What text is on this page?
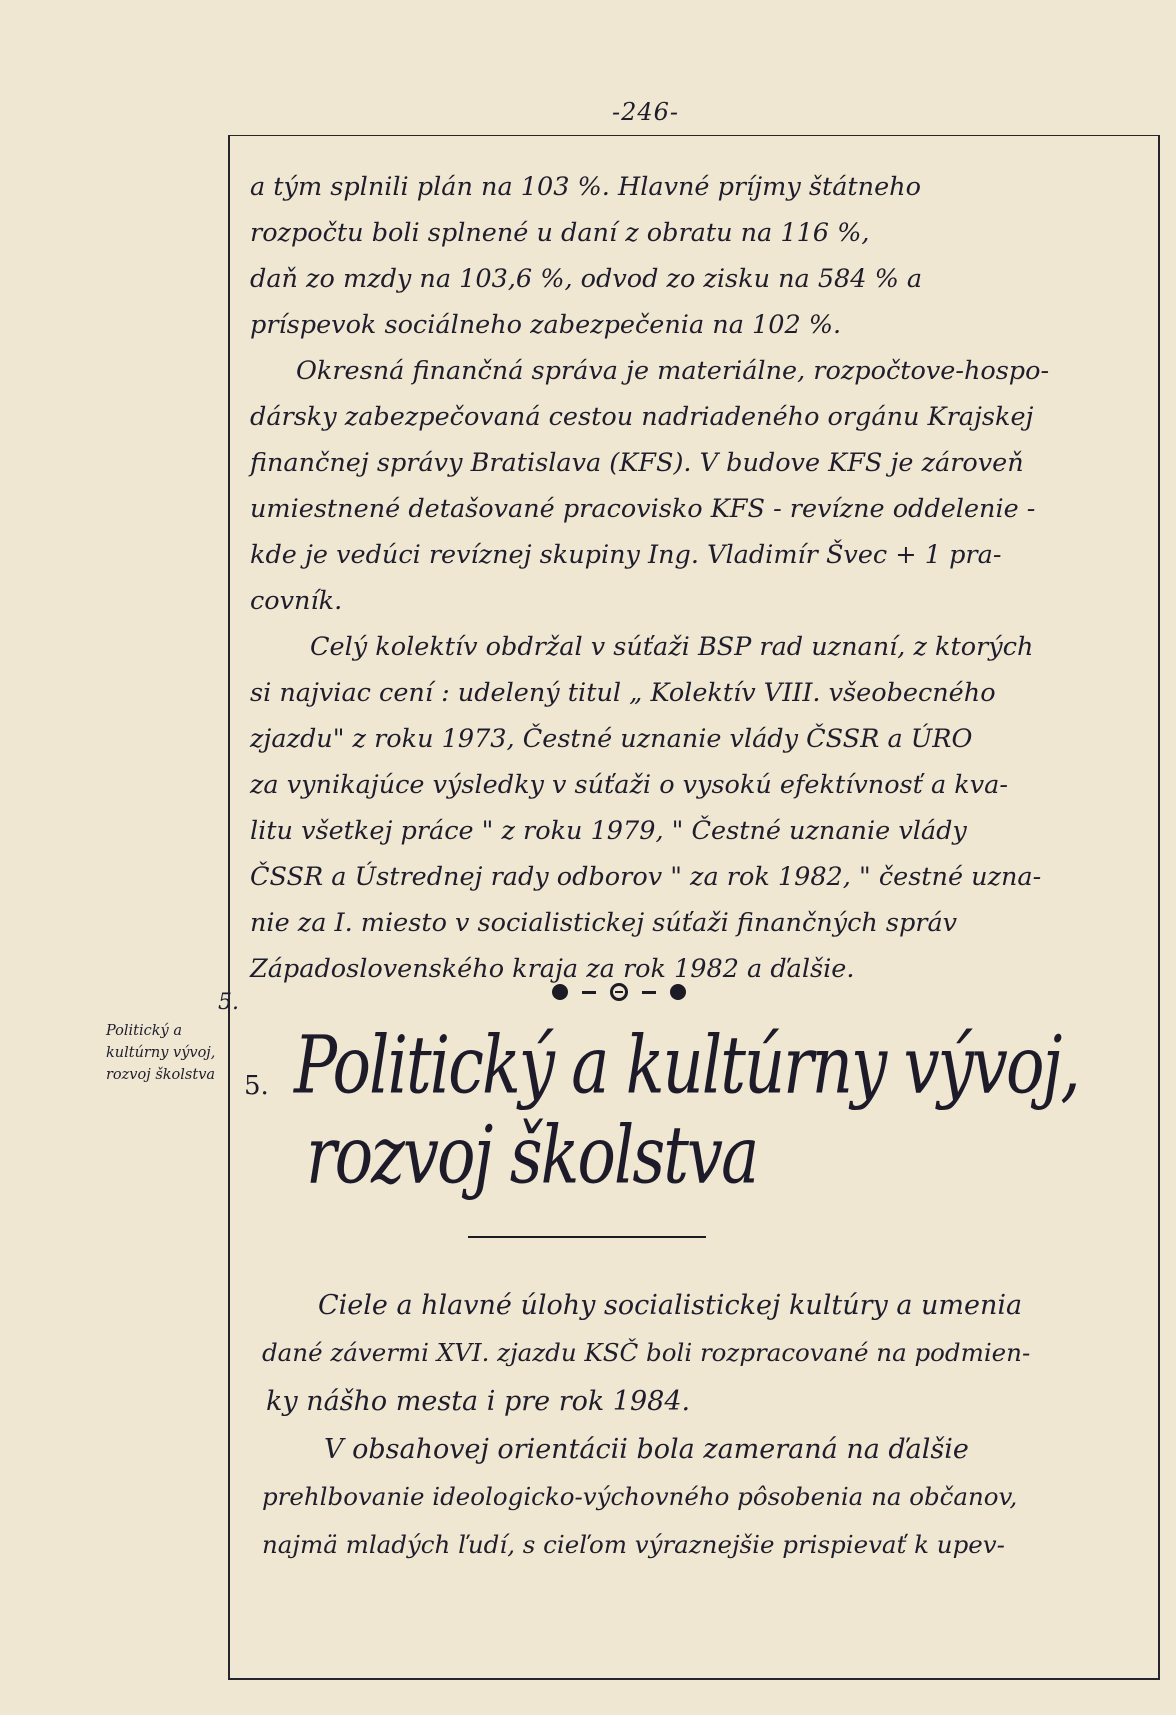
-246-
a tým splnili plán na 103 %. Hlavné príjmy štátneho
rozpočtu boli splnené u daní z obratu na 116 %,
daň zo mzdy na 103,6 %, odvod zo zisku na 584 % a
príspevok sociálneho zabezpečenia na 102 %.
Okresná finančná správa je materiálne, rozpočtove-hospo-
dársky zabezpečovaná cestou nadriadeného orgánu Krajskej
finančnej správy Bratislava (KFS). V budove KFS je zároveň
umiestnené detašované pracovisko KFS - revízne oddelenie -
kde je vedúci revíznej skupiny Ing. Vladimír Švec + 1 pra-
covník.
Celý kolektív obdržal v súťaži BSP rad uznaní, z ktorých
si najviac cení : udelený titul „ Kolektív VIII. všeobecného
zjazdu" z roku 1973, Čestné uznanie vlády ČSSR a ÚRO
za vynikajúce výsledky v súťaži o vysokú efektívnosť a kva-
litu všetkej práce " z roku 1979, " Čestné uznanie vlády
ČSSR a Ústrednej rady odborov " za rok 1982, " čestné uzna-
nie za I. miesto v socialistickej súťaži finančných správ
Západoslovenského kraja za rok 1982 a ďalšie.
5.
Politický a kultúrny vývoj, rozvoj školstva	5. Politický a kultúrny vývoj,
rozvoj školstva
Ciele a hlavné úlohy socialistickej kultúry a umenia
dané závermi XVI. zjazdu KSČ boli rozpracované na podmien-
ky nášho mesta i pre rok 1984.
V obsahovej orientácii bola zameraná na ďalšie
prehlbovanie ideologicko-výchovného pôsobenia na občanov,
najmä mladých ľudí, s cieľom výraznejšie prispievať k upev-
